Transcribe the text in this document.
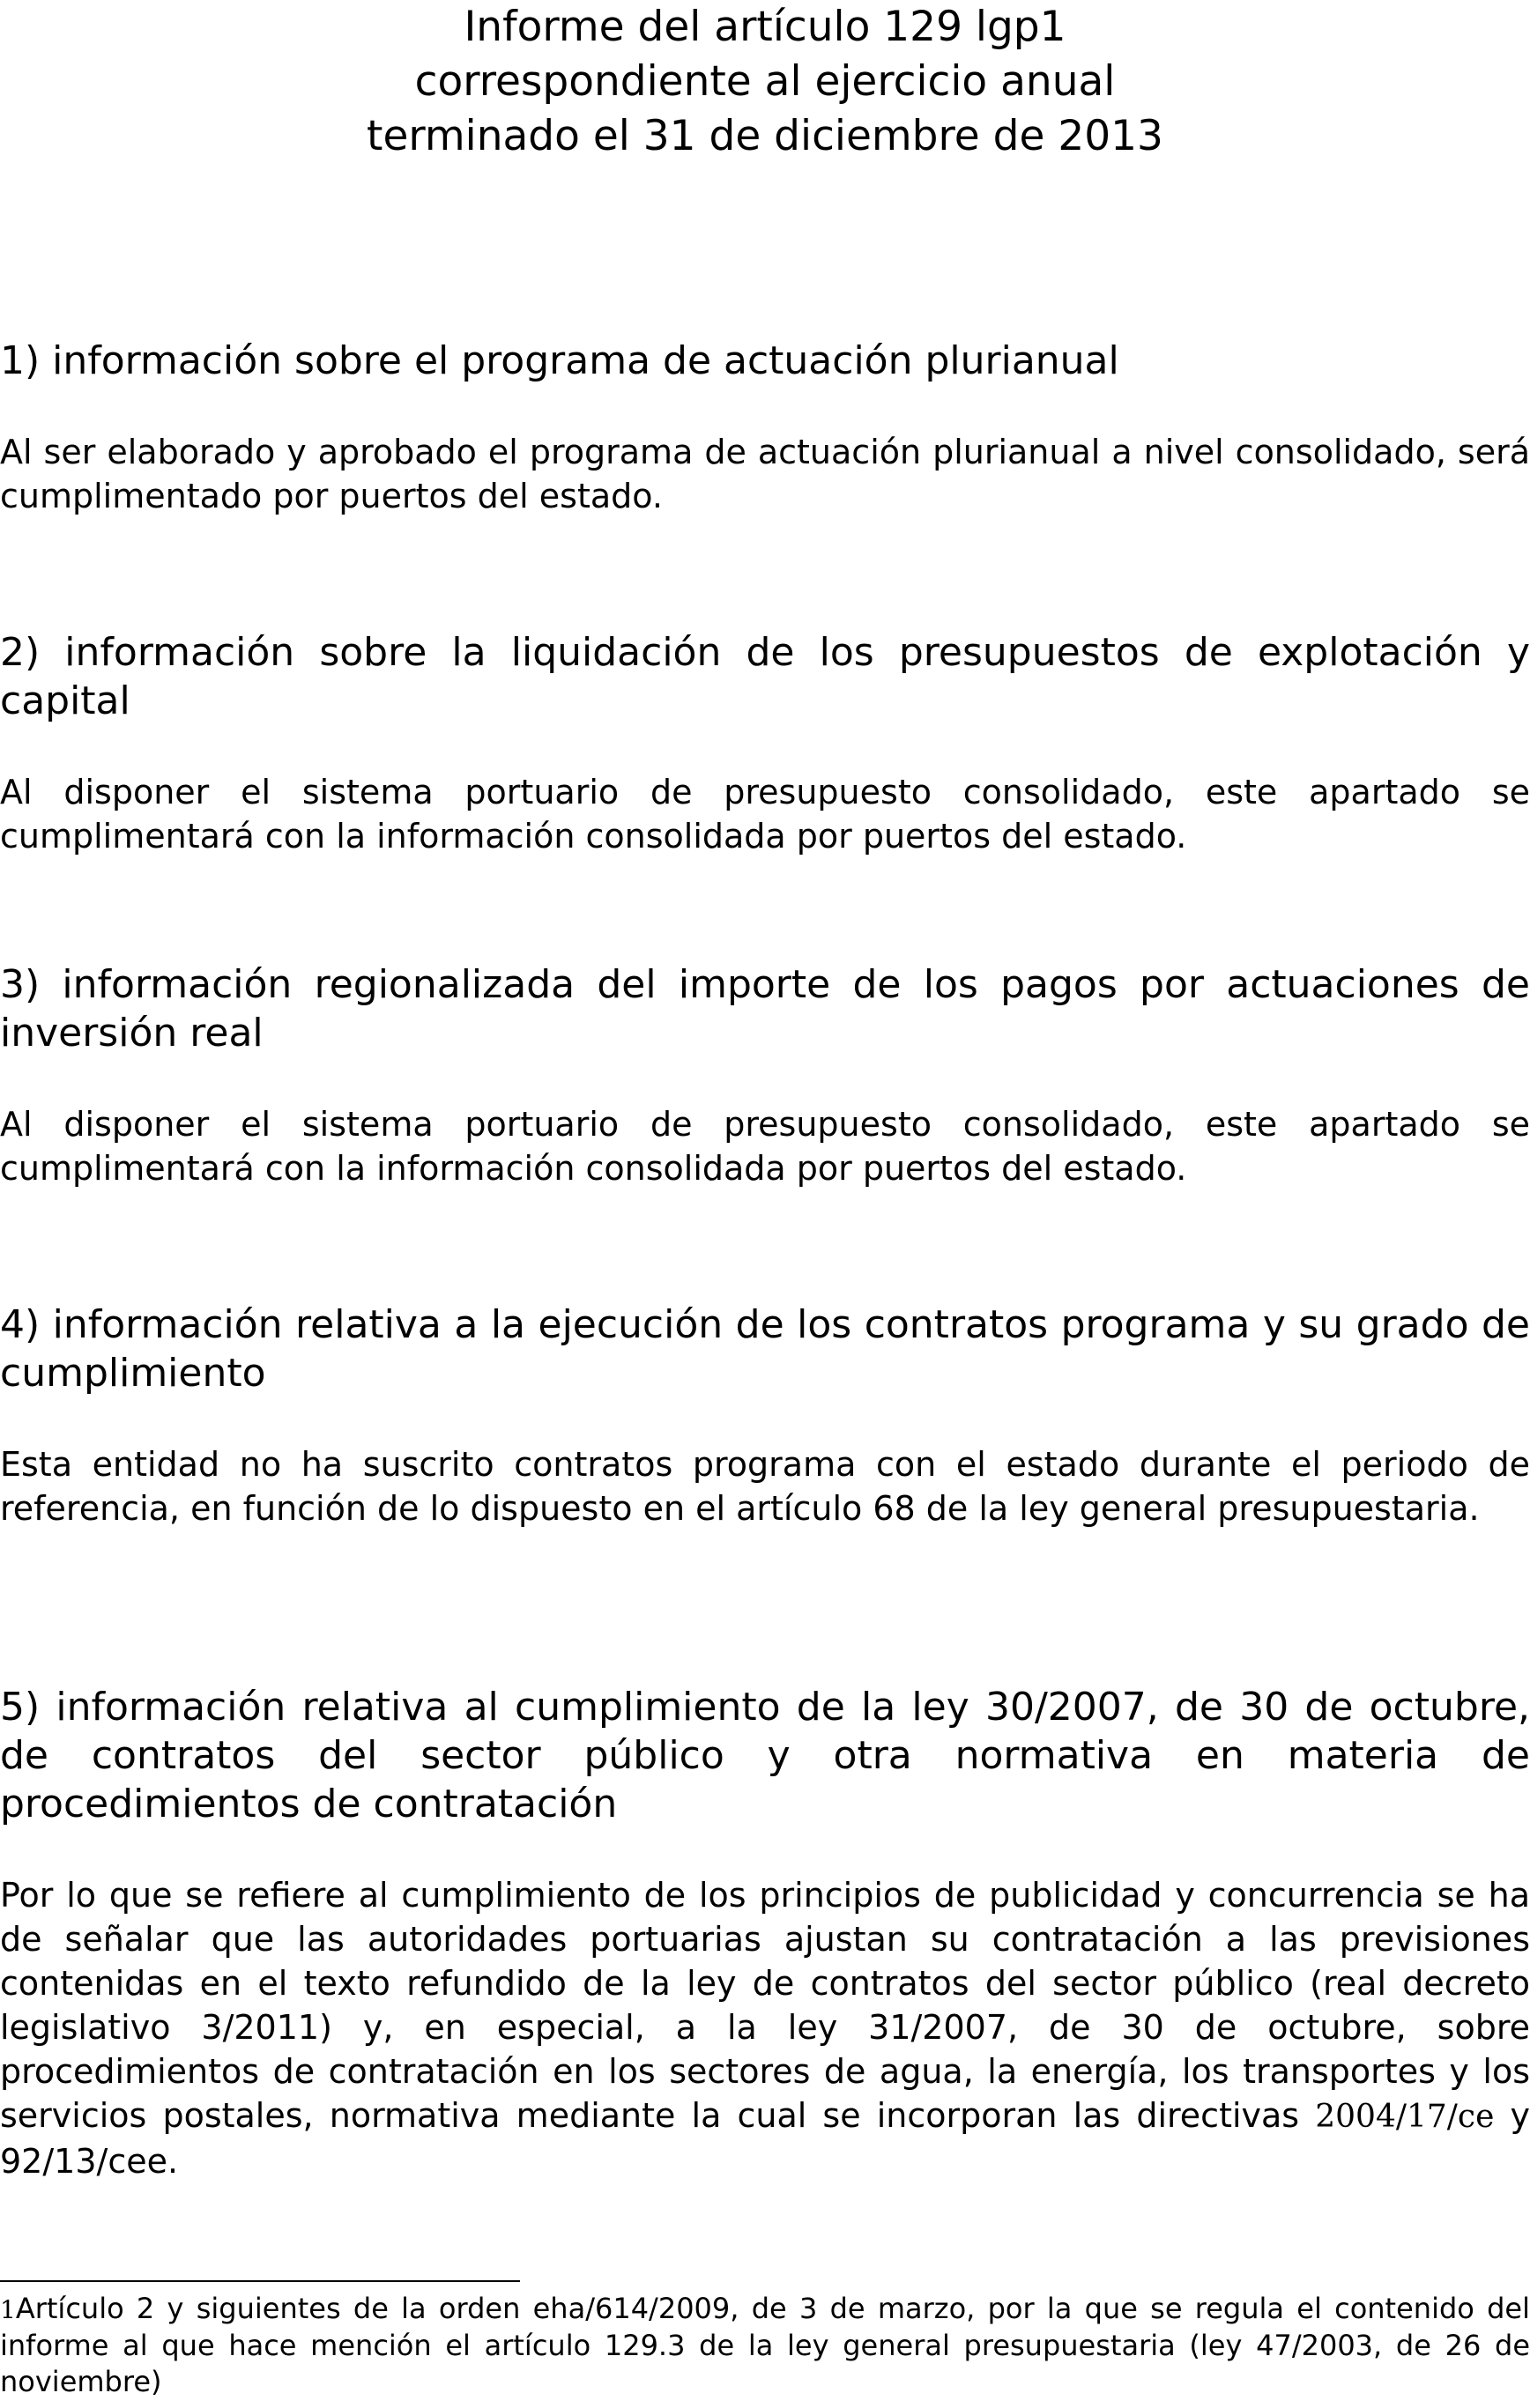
Informe del artículo 129 lgp1
correspondiente al ejercicio anual
terminado el 31 de diciembre de 2013

1) información sobre el programa de actuación plurianual

Al ser elaborado y aprobado el programa de actuación plurianual a nivel consolidado, será cumplimentado por puertos del estado.

2) información sobre la liquidación de los presupuestos de explotación y capital

Al disponer el sistema portuario de presupuesto consolidado, este apartado se cumplimentará con la información consolidada por puertos del estado.

3) información regionalizada del importe de los pagos por actuaciones de inversión real

Al disponer el sistema portuario de presupuesto consolidado, este apartado se cumplimentará con la información consolidada por puertos del estado.

4) información relativa a la ejecución de los contratos programa y su grado de cumplimiento

Esta entidad no ha suscrito contratos programa con el estado durante el periodo de referencia, en función de lo dispuesto en el artículo 68 de la ley general presupuestaria.

5) información relativa al cumplimiento de la ley 30/2007, de 30 de octubre, de contratos del sector público y otra normativa en materia de procedimientos de contratación

Por lo que se refiere al cumplimiento de los principios de publicidad y concurrencia se ha de señalar que las autoridades portuarias ajustan su contratación a las previsiones contenidas en el texto refundido de la ley de contratos del sector público (real decreto legislativo 3/2011) y, en especial, a la ley 31/2007, de 30 de octubre, sobre procedimientos de contratación en los sectores de agua, la energía, los transportes y los servicios postales, normativa mediante la cual se incorporan las directivas 2004/17/ce y 92/13/cee.

1Artículo 2 y siguientes de la orden eha/614/2009, de 3 de marzo, por la que se regula el contenido del informe al que hace mención el artículo 129.3 de la ley general presupuestaria (ley 47/2003, de 26 de noviembre)
